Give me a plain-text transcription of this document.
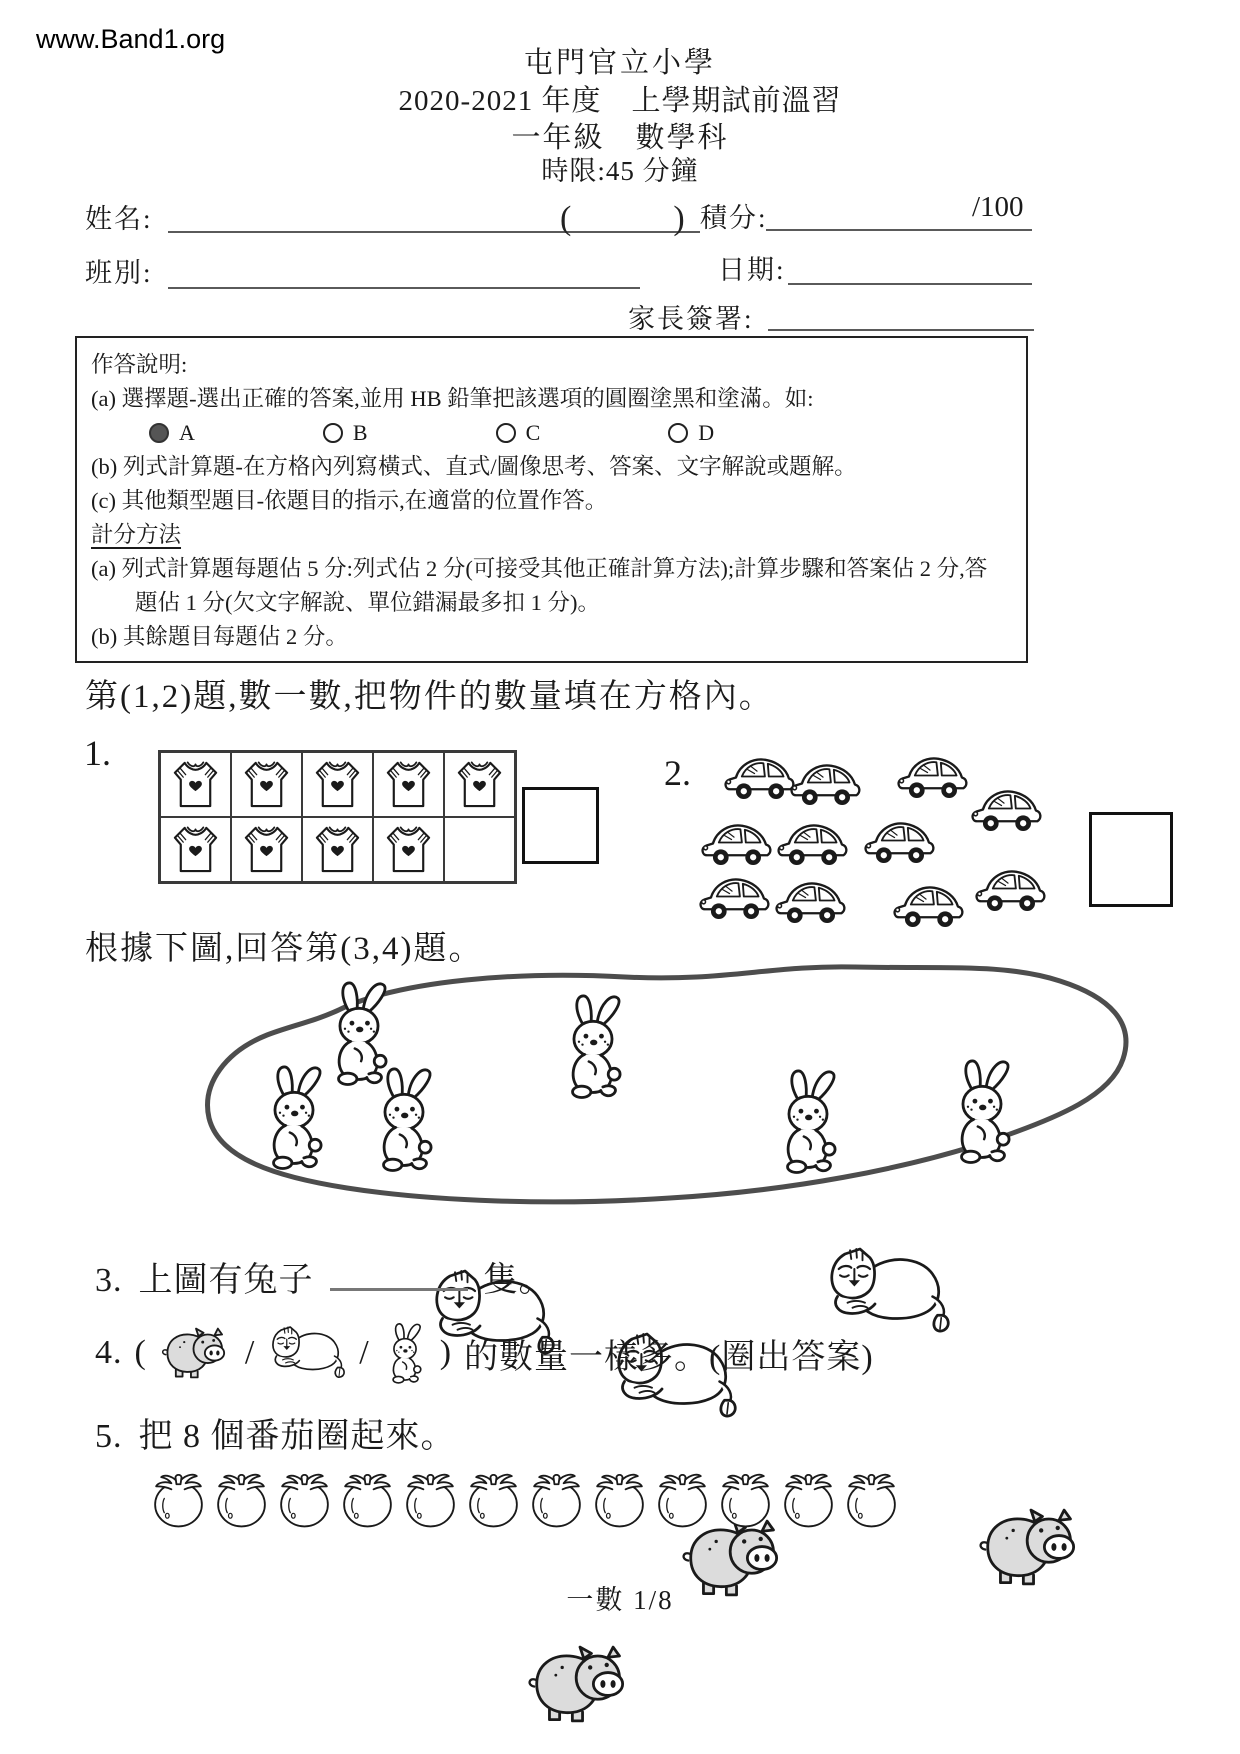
www.Band1.org
屯門官立小學
2020-2021 年度　上學期試前溫習
一年級　數學科
時限:45 分鐘
姓名:	(　　　) 積分:	/100
班別:	日期:
家長簽署:
作答說明:
(a) 選擇題-選出正確的答案,並用 HB 鉛筆把該選項的圓圈塗黑和塗滿。如:
A	B	C	D
(b) 列式計算題-在方格內列寫橫式、直式/圖像思考、答案、文字解說或題解。
(c) 其他類型題目-依題目的指示,在適當的位置作答。
計分方法
(a) 列式計算題每題佔 5 分:列式佔 2 分(可接受其他正確計算方法);計算步驟和答案佔 2 分,答
題佔 1 分(欠文字解說、單位錯漏最多扣 1 分)。
(b) 其餘題目每題佔 2 分。
第(1,2)題,數一數,把物件的數量填在方格內。
1.	2.
根據下圖,回答第(3,4)題。
3. 上圖有兔子	隻。
4. (	/	/ ) 的數量一樣多。(圈出答案)
5. 把 8 個番茄圈起來。
一數 1/8
